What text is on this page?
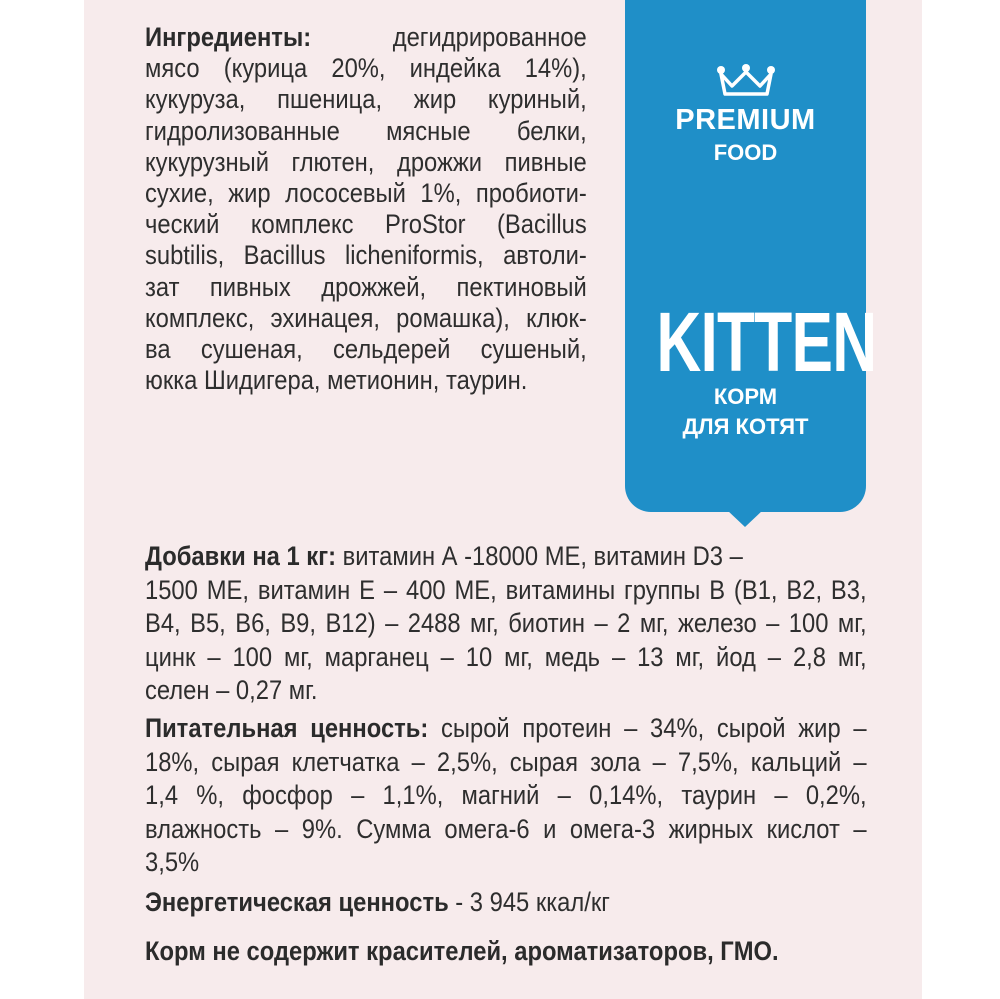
PREMIUM
FOOD
KITTEN
КОРМ
ДЛЯ КОТЯТ
Ингредиенты:	дегидрированное
мясо (курица 20%, индейка 14%),
кукуруза, пшеница, жир куриный,
гидролизованные мясные белки,
кукурузный глютен, дрожжи пивные
сухие, жир лососевый 1%, пробиоти-
ческий комплекс ProStor (Bacillus
subtilis, Bacillus licheniformis, автоли-
зат пивных дрожжей, пектиновый
комплекс, эхинацея, ромашка), клюк-
ва сушеная, сельдерей сушеный,
юкка Шидигера, метионин, таурин.
Добавки на 1 кг: витамин А -18000 МЕ, витамин D3 –
1500 МЕ, витамин Е – 400 МЕ, витамины группы В (В1, В2, В3,
В4, В5, В6, В9, В12) – 2488 мг, биотин – 2 мг, железо – 100 мг,
цинк – 100 мг, марганец – 10 мг, медь – 13 мг, йод – 2,8 мг,
селен – 0,27 мг.
Питательная ценность: сырой протеин – 34%, сырой жир –
18%, сырая клетчатка – 2,5%, сырая зола – 7,5%, кальций –
1,4 %, фосфор – 1,1%, магний – 0,14%, таурин – 0,2%,
влажность – 9%. Сумма омега-6 и омега-3 жирных кислот –
3,5%
Энергетическая ценность - 3 945 ккал/кг
Корм не содержит красителей, ароматизаторов, ГМО.
